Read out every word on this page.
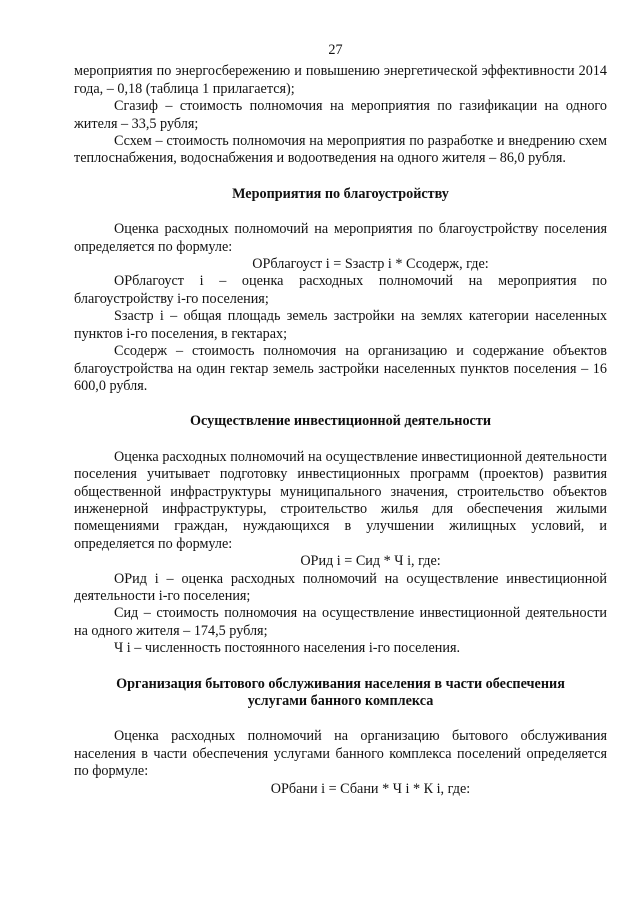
27

мероприятия по энергосбережению и повышению энергетической эффективности 2014 года, – 0,18 (таблица 1 прилагается);

Сгазиф – стоимость полномочия на мероприятия по газификации на одного жителя – 33,5 рубля;

Ссхем – стоимость полномочия на мероприятия по разработке и внедрению схем теплоснабжения, водоснабжения и водоотведения на одного жителя – 86,0 рубля.

Мероприятия по благоустройству

Оценка расходных полномочий на мероприятия по благоустройству поселения определяется по формуле:

ОРблагоуст i = Sзастр i * Ссодерж, где:

ОРблагоуст i – оценка расходных полномочий на мероприятия по благоустройству i-го поселения;

Sзастр i – общая площадь земель застройки на землях категории населенных пунктов i-го поселения, в гектарах;

Ссодерж – стоимость полномочия на организацию и содержание объектов благоустройства на один гектар земель застройки населенных пунктов поселения – 16 600,0 рубля.

Осуществление инвестиционной деятельности

Оценка расходных полномочий на осуществление инвестиционной деятельности поселения учитывает подготовку инвестиционных программ (проектов) развития общественной инфраструктуры муниципального значения, строительство объектов инженерной инфраструктуры, строительство жилья для обеспечения жилыми помещениями граждан, нуждающихся в улучшении жилищных условий, и определяется по формуле:

ОРид i = Сид * Ч i, где:

ОРид i – оценка расходных полномочий на осуществление инвестиционной деятельности i-го поселения;

Сид – стоимость полномочия на осуществление инвестиционной деятельности на одного жителя – 174,5 рубля;

Ч i – численность постоянного населения i-го поселения.

Организация бытового обслуживания населения в части обеспечения
услугами банного комплекса

Оценка расходных полномочий на организацию бытового обслуживания населения в части обеспечения услугами банного комплекса поселений определяется по формуле:

ОРбани i = Сбани * Ч i * К i, где:
